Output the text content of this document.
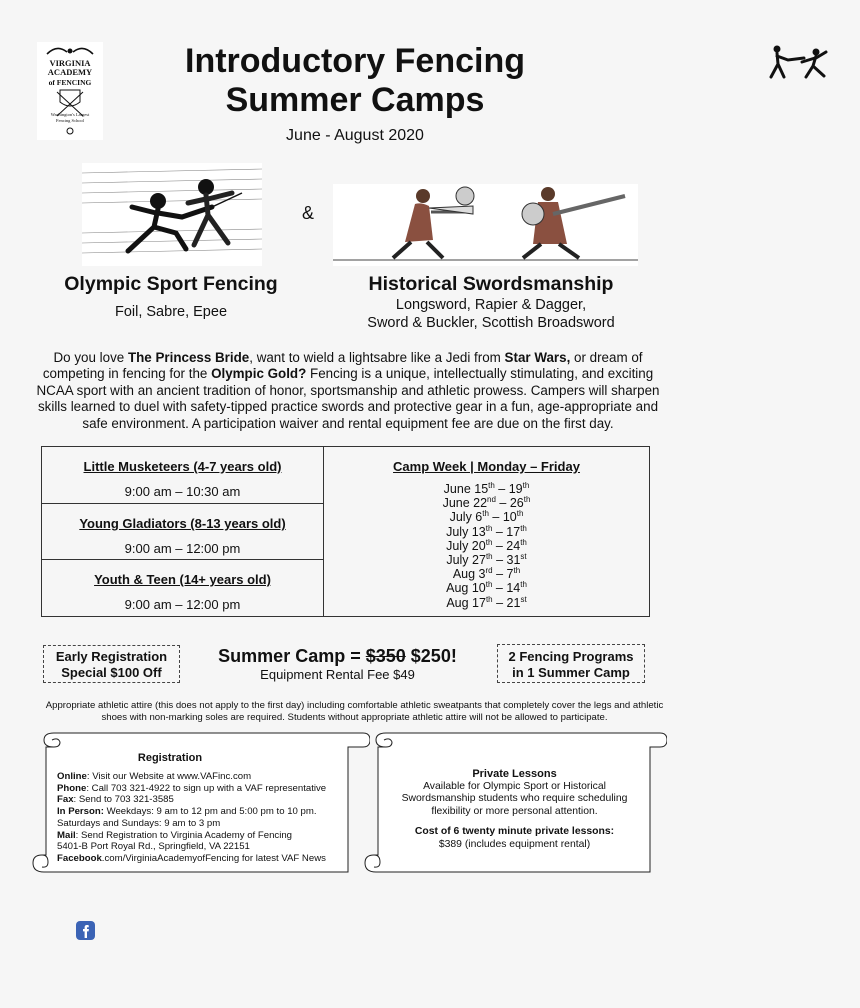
VIRGINIA
ACADEMY
of FENCING
Washington's Largest
Fencing School
Introductory Fencing
Summer Camps
June - August 2020
&
Olympic Sport Fencing
Foil, Sabre, Epee
Historical Swordsmanship
Longsword, Rapier & Dagger,
Sword & Buckler, Scottish Broadsword
Do you love The Princess Bride, want to wield a lightsabre like a Jedi from Star Wars, or dream of competing in fencing for the Olympic Gold? Fencing is a unique, intellectually stimulating, and exciting NCAA sport with an ancient tradition of honor, sportsmanship and athletic prowess. Campers will sharpen skills learned to duel with safety-tipped practice swords and protective gear in a fun, age-appropriate and safe environment. A participation waiver and rental equipment fee are due on the first day.
Little Musketeers (4-7 years old)
9:00 am – 10:30 am

Camp Week | Monday – Friday
June 15th – 19th
June 22nd – 26th
July 6th – 10th
July 13th – 17th
July 20th – 24th
July 27th – 31st
Aug 3rd – 7th
Aug 10th – 14th
Aug 17th – 21st

Young Gladiators (8-13 years old)
9:00 am – 12:00 pm

Youth & Teen (14+ years old)
9:00 am – 12:00 pm
Early Registration
Special $100 Off
Summer Camp = $350 $250!
Equipment Rental Fee $49
2 Fencing Programs
in 1 Summer Camp
Appropriate athletic attire (this does not apply to the first day) including comfortable athletic sweatpants that completely cover the legs and athletic shoes with non-marking soles are required. Students without appropriate athletic attire will not be allowed to participate.
Registration
Online: Visit our Website at www.VAFinc.com
Phone: Call 703 321-4922 to sign up with a VAF representative
Fax: Send to 703 321-3585
In Person: Weekdays: 9 am to 12 pm and 5:00 pm to 10 pm.
Saturdays and Sundays: 9 am to 3 pm
Mail: Send Registration to Virginia Academy of Fencing
5401-B Port Royal Rd., Springfield, VA 22151
Facebook.com/VirginiaAcademyofFencing for latest VAF News
Private Lessons
Available for Olympic Sport or Historical
Swordsmanship students who require scheduling
flexibility or more personal attention.
Cost of 6 twenty minute private lessons:
$389 (includes equipment rental)
